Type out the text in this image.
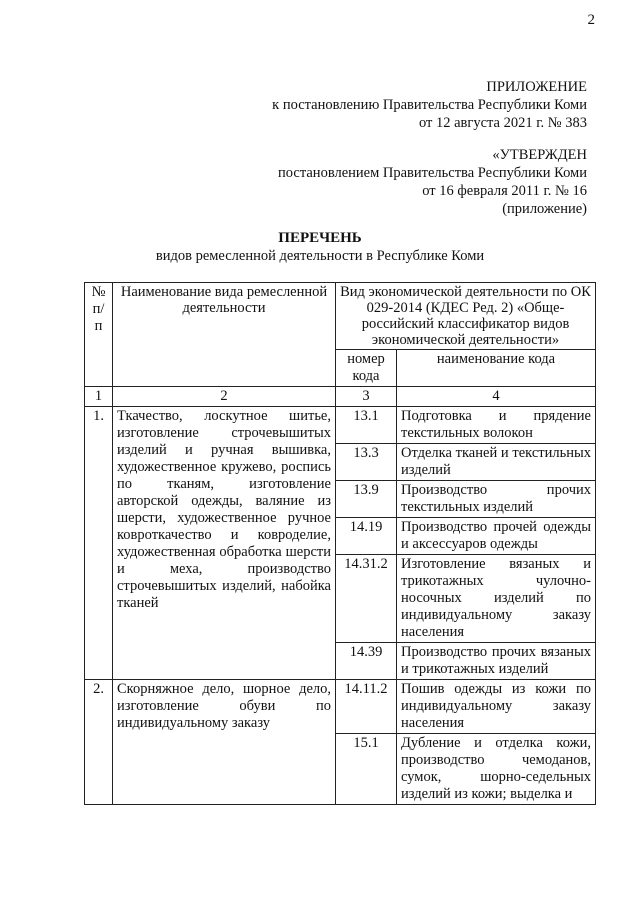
2
ПРИЛОЖЕНИЕ
к постановлению Правительства Республики Коми
от 12 августа 2021 г. № 383
«УТВЕРЖДЕН
постановлением Правительства Республики Коми
от 16 февраля 2011 г. № 16
(приложение)
ПЕРЕЧЕНЬ
видов ремесленной деятельности в Республике Коми
№ п/п	Наименование вида ремесленной деятельности	Вид экономической деятельности по ОК 029-2014 (КДЕС Ред. 2) «Обще-российский классификатор видов экономической деятельности»	
		номер кода	наименование кода
1	2	3	4
1.	Ткачество, лоскутное шитье, изготовление строчевышитых изделий и ручная вышивка, художественное кружево, роспись по тканям, изготовление авторской одежды, валяние из шерсти, художественное ручное ковроткачество и ковроделие, художественная обработка шерсти и меха, производство строчевышитых изделий, набойка тканей	13.1	Подготовка и прядение текстильных волокон
		13.3	Отделка тканей и текстильных изделий
		13.9	Производство прочих текстильных изделий
		14.19	Производство прочей одежды и аксессуаров одежды
		14.31.2	Изготовление вязаных и трикотажных чулочно-носочных изделий по индивидуальному заказу населения
		14.39	Производство прочих вязаных и трикотажных изделий
2.	Скорняжное дело, шорное дело, изготовление обуви по индивидуальному заказу	14.11.2	Пошив одежды из кожи по индивидуальному заказу населения
		15.1	Дубление и отделка кожи, производство чемоданов, сумок, шорно-седельных изделий из кожи; выделка и
